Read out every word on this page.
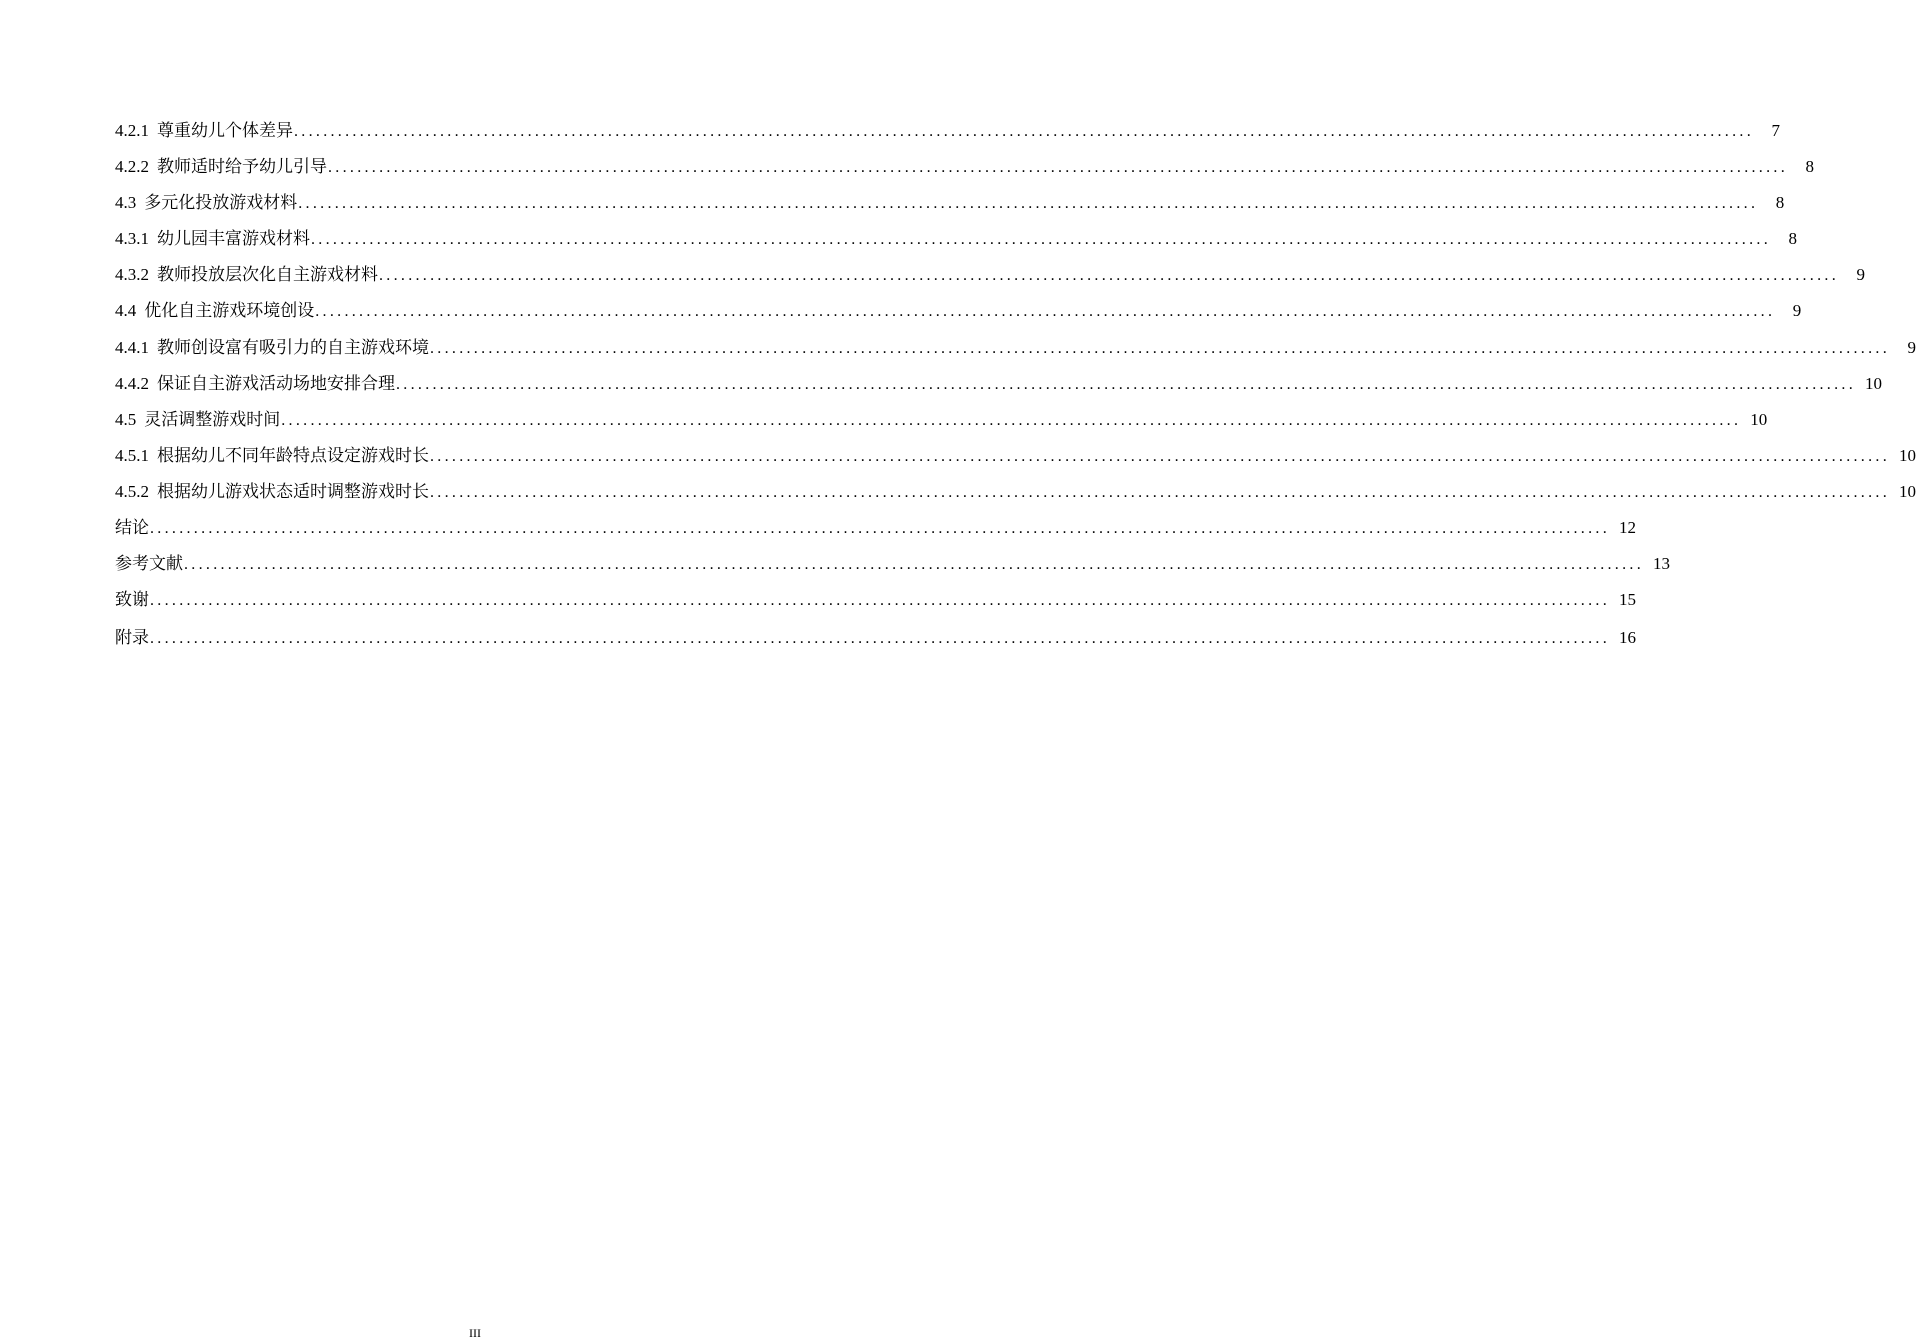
4.2.1 尊重幼儿个体差异 ........................................................................................................................................................................................................	7
4.2.2 教师适时给予幼儿引导 ........................................................................................................................................................................................................	8
4.3 多元化投放游戏材料 ........................................................................................................................................................................................................	8
4.3.1 幼儿园丰富游戏材料 ........................................................................................................................................................................................................	8
4.3.2 教师投放层次化自主游戏材料 ........................................................................................................................................................................................................	9
4.4 优化自主游戏环境创设 ........................................................................................................................................................................................................	9
4.4.1 教师创设富有吸引力的自主游戏环境 ........................................................................................................................................................................................................	9
4.4.2 保证自主游戏活动场地安排合理 ........................................................................................................................................................................................................ 10
4.5 灵活调整游戏时间 ........................................................................................................................................................................................................ 10
4.5.1 根据幼儿不同年龄特点设定游戏时长 ........................................................................................................................................................................................................ 10
4.5.2 根据幼儿游戏状态适时调整游戏时长 ........................................................................................................................................................................................................ 10
结论 ........................................................................................................................................................................................................ 12
参考文献 ........................................................................................................................................................................................................ 13
致谢 ........................................................................................................................................................................................................ 15
附录 ........................................................................................................................................................................................................ 16
III
